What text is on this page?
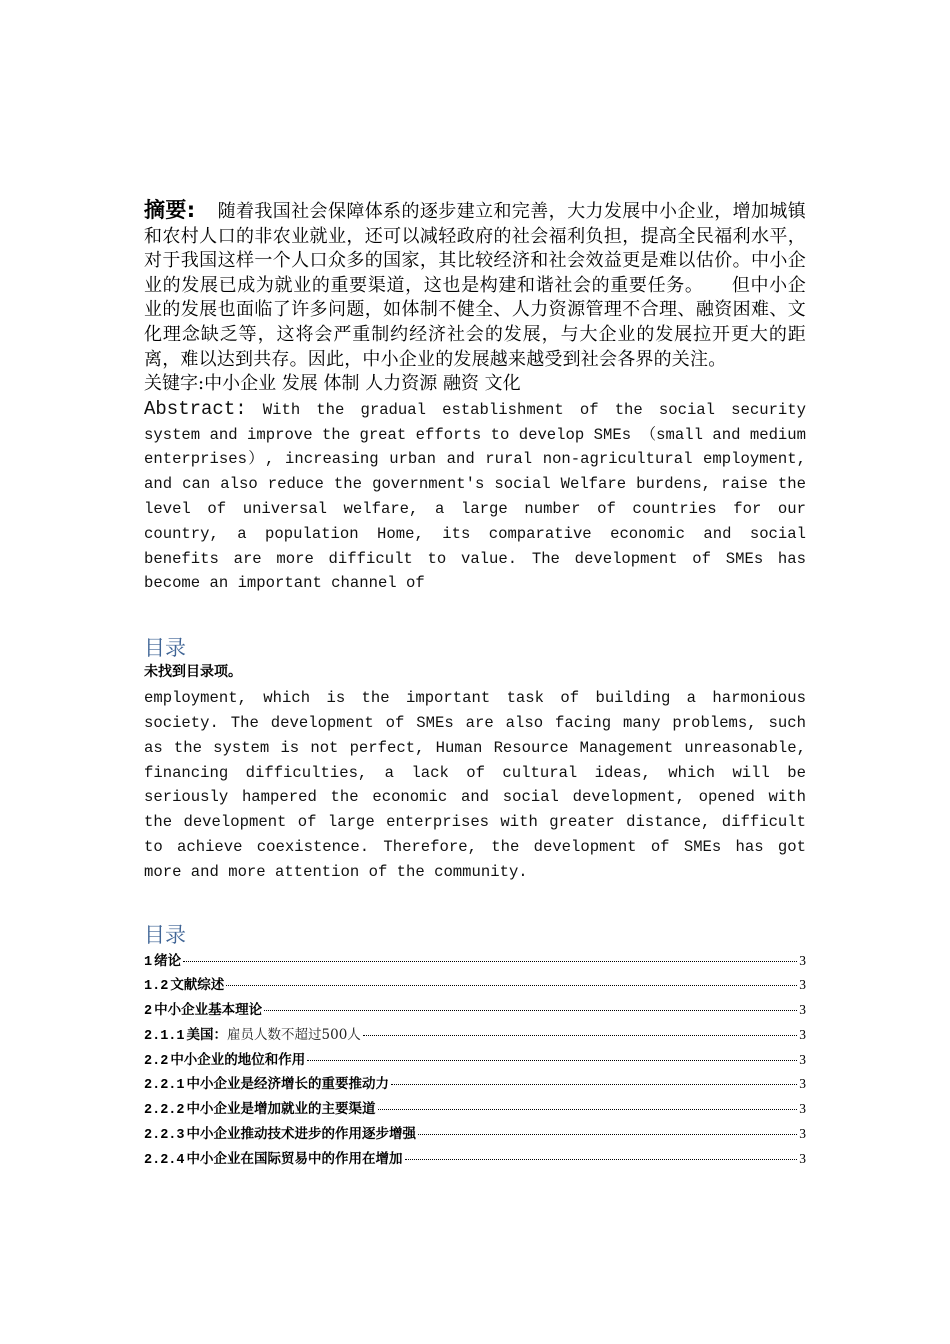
摘要: 随着我国社会保障体系的逐步建立和完善，大力发展中小企业，增加城镇和农村人口的非农业就业，还可以减轻政府的社会福利负担，提高全民福利水平，对于我国这样一个人口众多的国家，其比较经济和社会效益更是难以估价。中小企业的发展已成为就业的重要渠道，这也是构建和谐社会的重要任务。　　但中小企业的发展也面临了许多问题，如体制不健全、人力资源管理不合理、融资困难、文化理念缺乏等，这将会严重制约经济社会的发展，与大企业的发展拉开更大的距离，难以达到共存。因此，中小企业的发展越来越受到社会各界的关注。

关键字:中小企业 发展 体制 人力资源 融资 文化

Abstract: With the gradual establishment of the social security system and improve the great efforts to develop SMEs （small and medium enterprises）, increasing urban and rural non-agricultural employment, and can also reduce the government's social Welfare burdens, raise the level of universal welfare, a large number of countries for our country, a population Home, its comparative economic and social benefits are more difficult to value. The development of SMEs has become an important channel of

目录

未找到目录项。

employment, which is the important task of building a harmonious society. The development of SMEs are also facing many problems, such as the system is not perfect, Human Resource Management unreasonable, financing difficulties, a lack of cultural ideas, which will be seriously hampered the economic and social development, opened with the development of large enterprises with greater distance, difficult to achieve coexistence. Therefore, the development of SMEs has got more and more attention of the community.

目录
1 绪论	3
1.2 文献综述	3
2 中小企业基本理论	3
2.1.1 美国： 雇员人数不超过500人	3
2.2 中小企业的地位和作用	3
2.2.1 中小企业是经济增长的重要推动力	3
2.2.2 中小企业是增加就业的主要渠道	3
2.2.3 中小企业推动技术进步的作用逐步增强	3
2.2.4 中小企业在国际贸易中的作用在增加	3
